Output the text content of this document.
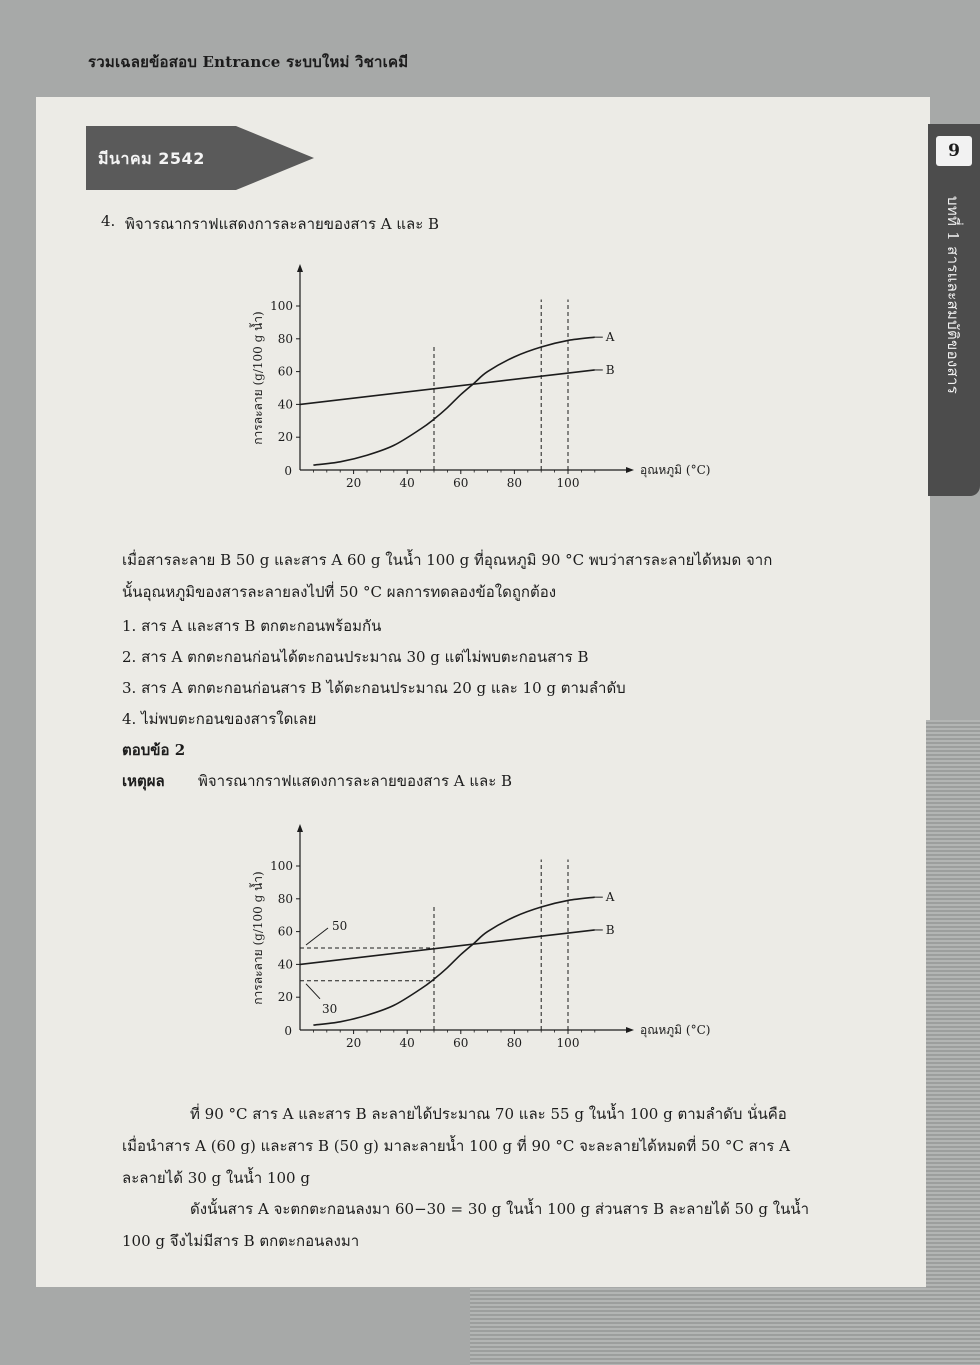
รวมเฉลยข้อสอบ Entrance ระบบใหม่ วิชาเคมี
มีนาคม 2542	9
บทที่ 1 สารและสมบัติของสาร
4. พิจารณากราฟแสดงการละลายของสาร A และ B
20	40	60	80	100
20
40
60
80
100
0	อุณหภูมิ (°C)
การละลาย (g/100 g น้ำ)	A
B
เมื่อสารละลาย B 50 g และสาร A 60 g ในน้ำ 100 g ที่อุณหภูมิ 90 °C พบว่าสารละลายได้หมด จาก
นั้นอุณหภูมิของสารละลายลงไปที่ 50 °C ผลการทดลองข้อใดถูกต้อง
1. สาร A และสาร B ตกตะกอนพร้อมกัน
2. สาร A ตกตะกอนก่อนได้ตะกอนประมาณ 30 g แต่ไม่พบตะกอนสาร B
3. สาร A ตกตะกอนก่อนสาร B ได้ตะกอนประมาณ 20 g และ 10 g ตามลำดับ
4. ไม่พบตะกอนของสารใดเลย
ตอบข้อ 2
เหตุผล พิจารณากราฟแสดงการละลายของสาร A และ B
20	40	60	80	100
20
40
60
80
100
0	อุณหภูมิ (°C)
การละลาย (g/100 g น้ำ)	50
30
A
B
ที่ 90 °C สาร A และสาร B ละลายได้ประมาณ 70 และ 55 g ในน้ำ 100 g ตามลำดับ นั่นคือ
เมื่อนำสาร A (60 g) และสาร B (50 g) มาละลายน้ำ 100 g ที่ 90 °C จะละลายได้หมดที่ 50 °C สาร A
ละลายได้ 30 g ในน้ำ 100 g
ดังนั้นสาร A จะตกตะกอนลงมา 60−30 = 30 g ในน้ำ 100 g ส่วนสาร B ละลายได้ 50 g ในน้ำ
100 g จึงไม่มีสาร B ตกตะกอนลงมา
